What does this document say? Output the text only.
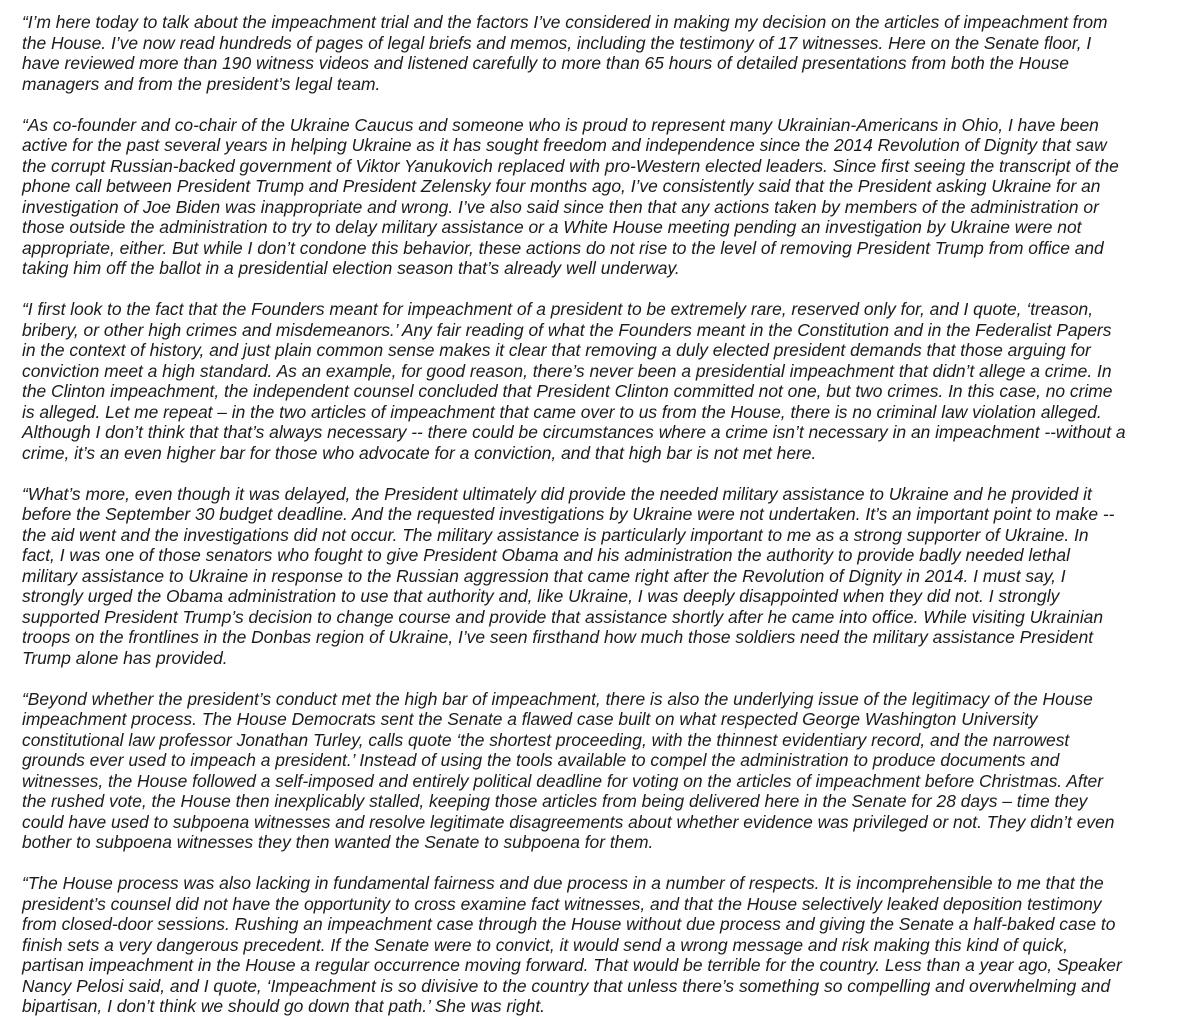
“I’m here today to talk about the impeachment trial and the factors I’ve considered in making my decision on the articles of impeachment from
the House. I’ve now read hundreds of pages of legal briefs and memos, including the testimony of 17 witnesses. Here on the Senate floor, I
have reviewed more than 190 witness videos and listened carefully to more than 65 hours of detailed presentations from both the House
managers and from the president’s legal team.

“As co-founder and co-chair of the Ukraine Caucus and someone who is proud to represent many Ukrainian-Americans in Ohio, I have been
active for the past several years in helping Ukraine as it has sought freedom and independence since the 2014 Revolution of Dignity that saw
the corrupt Russian-backed government of Viktor Yanukovich replaced with pro-Western elected leaders. Since first seeing the transcript of the
phone call between President Trump and President Zelensky four months ago, I’ve consistently said that the President asking Ukraine for an
investigation of Joe Biden was inappropriate and wrong. I’ve also said since then that any actions taken by members of the administration or
those outside the administration to try to delay military assistance or a White House meeting pending an investigation by Ukraine were not
appropriate, either. But while I don’t condone this behavior, these actions do not rise to the level of removing President Trump from office and
taking him off the ballot in a presidential election season that’s already well underway.

“I first look to the fact that the Founders meant for impeachment of a president to be extremely rare, reserved only for, and I quote, ‘treason,
bribery, or other high crimes and misdemeanors.’ Any fair reading of what the Founders meant in the Constitution and in the Federalist Papers
in the context of history, and just plain common sense makes it clear that removing a duly elected president demands that those arguing for
conviction meet a high standard. As an example, for good reason, there’s never been a presidential impeachment that didn’t allege a crime. In
the Clinton impeachment, the independent counsel concluded that President Clinton committed not one, but two crimes. In this case, no crime
is alleged. Let me repeat – in the two articles of impeachment that came over to us from the House, there is no criminal law violation alleged.
Although I don’t think that that’s always necessary -- there could be circumstances where a crime isn’t necessary in an impeachment --without a
crime, it’s an even higher bar for those who advocate for a conviction, and that high bar is not met here.

“What’s more, even though it was delayed, the President ultimately did provide the needed military assistance to Ukraine and he provided it
before the September 30 budget deadline. And the requested investigations by Ukraine were not undertaken. It’s an important point to make --
the aid went and the investigations did not occur. The military assistance is particularly important to me as a strong supporter of Ukraine. In
fact, I was one of those senators who fought to give President Obama and his administration the authority to provide badly needed lethal
military assistance to Ukraine in response to the Russian aggression that came right after the Revolution of Dignity in 2014. I must say, I
strongly urged the Obama administration to use that authority and, like Ukraine, I was deeply disappointed when they did not. I strongly
supported President Trump’s decision to change course and provide that assistance shortly after he came into office. While visiting Ukrainian
troops on the frontlines in the Donbas region of Ukraine, I’ve seen firsthand how much those soldiers need the military assistance President
Trump alone has provided.

“Beyond whether the president’s conduct met the high bar of impeachment, there is also the underlying issue of the legitimacy of the House
impeachment process. The House Democrats sent the Senate a flawed case built on what respected George Washington University
constitutional law professor Jonathan Turley, calls quote ‘the shortest proceeding, with the thinnest evidentiary record, and the narrowest
grounds ever used to impeach a president.’ Instead of using the tools available to compel the administration to produce documents and
witnesses, the House followed a self-imposed and entirely political deadline for voting on the articles of impeachment before Christmas. After
the rushed vote, the House then inexplicably stalled, keeping those articles from being delivered here in the Senate for 28 days – time they
could have used to subpoena witnesses and resolve legitimate disagreements about whether evidence was privileged or not. They didn’t even
bother to subpoena witnesses they then wanted the Senate to subpoena for them.

“The House process was also lacking in fundamental fairness and due process in a number of respects. It is incomprehensible to me that the
president’s counsel did not have the opportunity to cross examine fact witnesses, and that the House selectively leaked deposition testimony
from closed-door sessions. Rushing an impeachment case through the House without due process and giving the Senate a half-baked case to
finish sets a very dangerous precedent. If the Senate were to convict, it would send a wrong message and risk making this kind of quick,
partisan impeachment in the House a regular occurrence moving forward. That would be terrible for the country. Less than a year ago, Speaker
Nancy Pelosi said, and I quote, ‘Impeachment is so divisive to the country that unless there’s something so compelling and overwhelming and
bipartisan, I don’t think we should go down that path.’ She was right.
